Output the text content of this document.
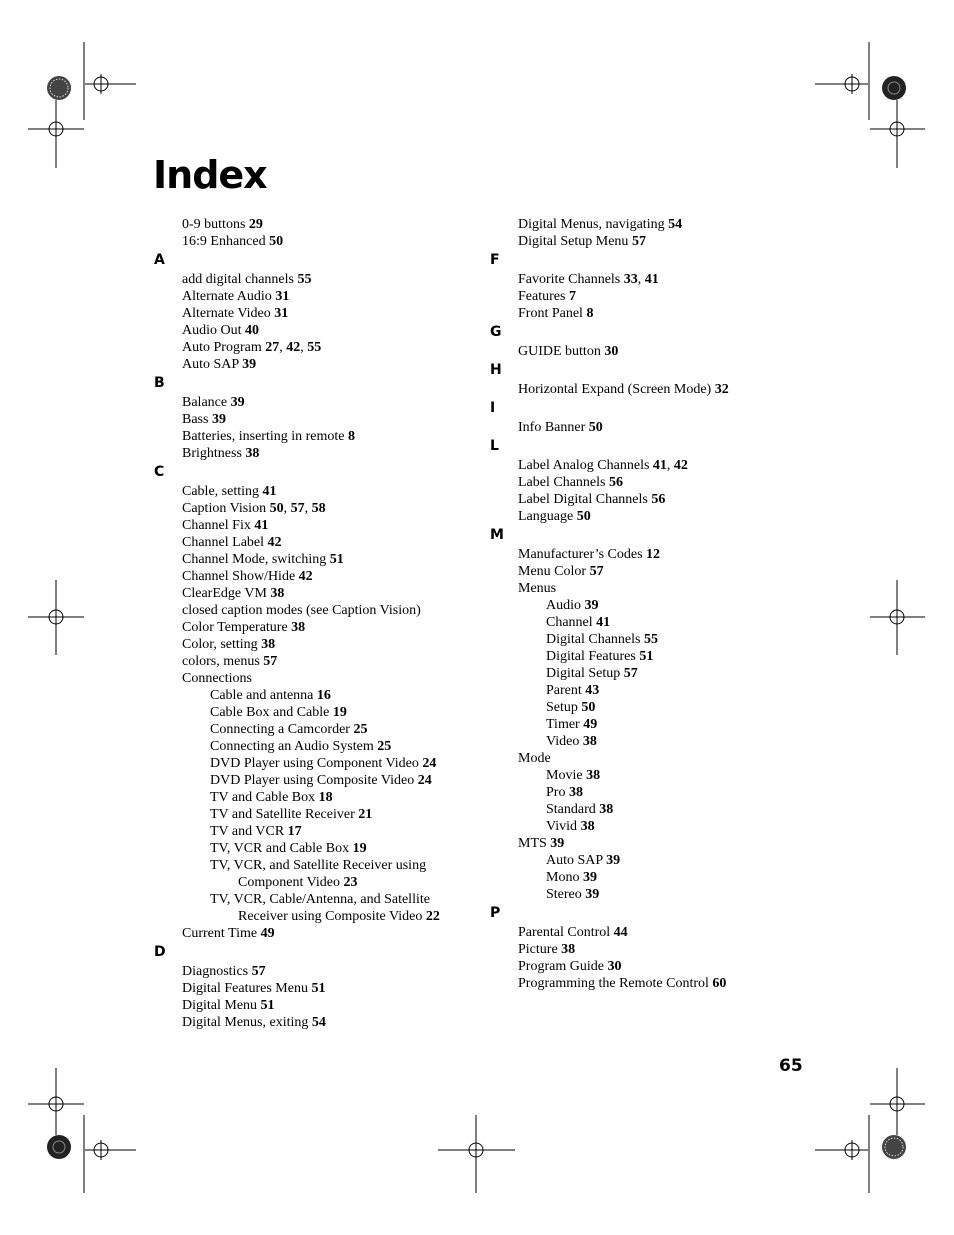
Index
0-9 buttons 29
16:9 Enhanced 50
A
add digital channels 55
Alternate Audio 31
Alternate Video 31
Audio Out 40
Auto Program 27, 42, 55
Auto SAP 39
B
Balance 39
Bass 39
Batteries, inserting in remote 8
Brightness 38
C
Cable, setting 41
Caption Vision 50, 57, 58
Channel Fix 41
Channel Label 42
Channel Mode, switching 51
Channel Show/Hide 42
ClearEdge VM 38
closed caption modes (see Caption Vision)
Color Temperature 38
Color, setting 38
colors, menus 57
Connections
Cable and antenna 16
Cable Box and Cable 19
Connecting a Camcorder 25
Connecting an Audio System 25
DVD Player using Component Video 24
DVD Player using Composite Video 24
TV and Cable Box 18
TV and Satellite Receiver 21
TV and VCR 17
TV, VCR and Cable Box 19
TV, VCR, and Satellite Receiver using
Component Video 23
TV, VCR, Cable/Antenna, and Satellite
Receiver using Composite Video 22
Current Time 49
D
Diagnostics 57
Digital Features Menu 51
Digital Menu 51
Digital Menus, exiting 54
Digital Menus, navigating 54
Digital Setup Menu 57
F
Favorite Channels 33, 41
Features 7
Front Panel 8
G
GUIDE button 30
H
Horizontal Expand (Screen Mode) 32
I
Info Banner 50
L
Label Analog Channels 41, 42
Label Channels 56
Label Digital Channels 56
Language 50
M
Manufacturer’s Codes 12
Menu Color 57
Menus
Audio 39
Channel 41
Digital Channels 55
Digital Features 51
Digital Setup 57
Parent 43
Setup 50
Timer 49
Video 38
Mode
Movie 38
Pro 38
Standard 38
Vivid 38
MTS 39
Auto SAP 39
Mono 39
Stereo 39
P
Parental Control 44
Picture 38
Program Guide 30
Programming the Remote Control 60
65
